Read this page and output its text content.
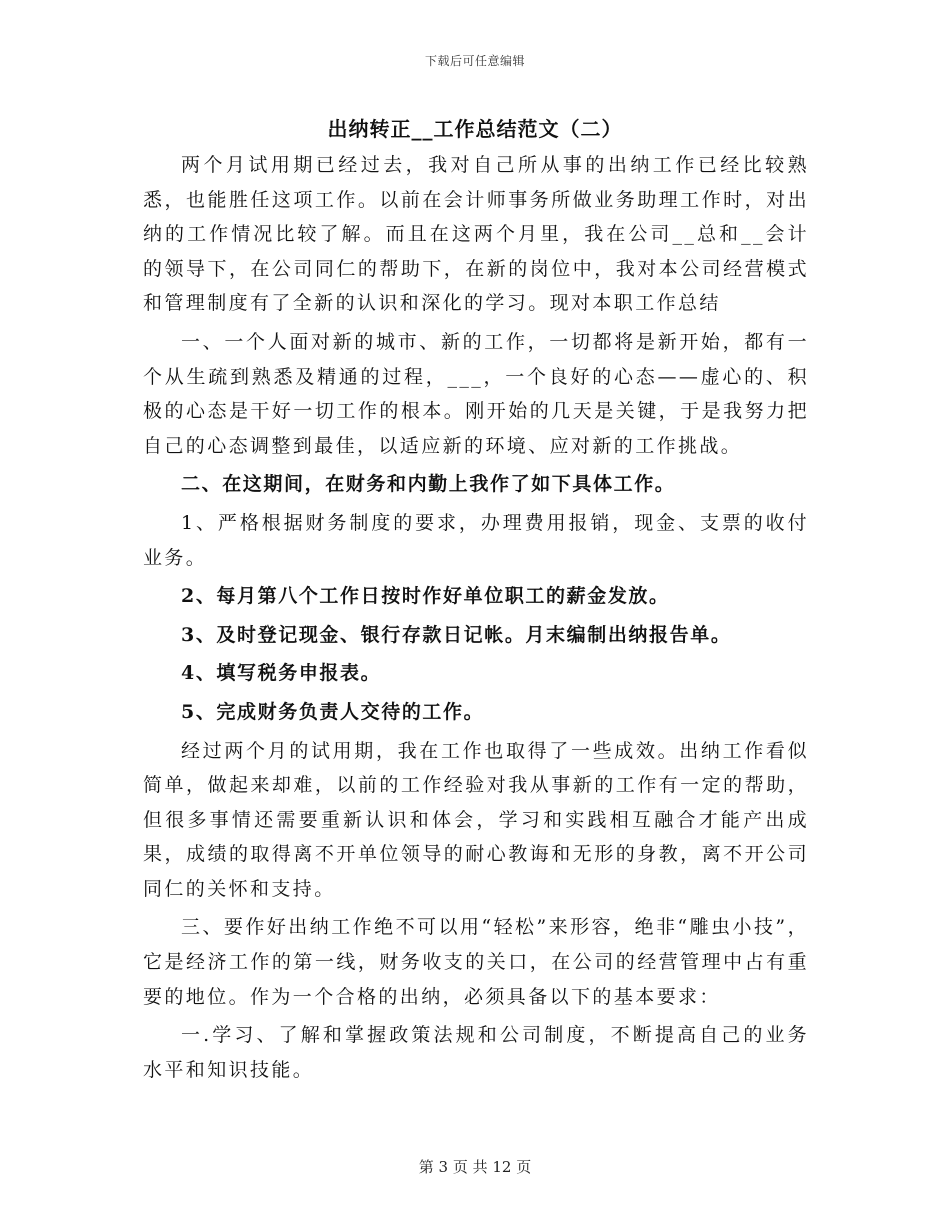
下载后可任意编辑
出纳转正__工作总结范文（二）

两个月试用期已经过去，我对自己所从事的出纳工作已经比较熟悉，也能胜任这项工作。以前在会计师事务所做业务助理工作时，对出纳的工作情况比较了解。而且在这两个月里，我在公司__总和__会计的领导下，在公司同仁的帮助下，在新的岗位中，我对本公司经营模式和管理制度有了全新的认识和深化的学习。现对本职工作总结

一、一个人面对新的城市、新的工作，一切都将是新开始，都有一个从生疏到熟悉及精通的过程，___，一个良好的心态——虚心的、积极的心态是干好一切工作的根本。刚开始的几天是关键，于是我努力把自己的心态调整到最佳，以适应新的环境、应对新的工作挑战。

二、在这期间，在财务和内勤上我作了如下具体工作。

1、严格根据财务制度的要求，办理费用报销，现金、支票的收付业务。

2、每月第八个工作日按时作好单位职工的薪金发放。

3、及时登记现金、银行存款日记帐。月末编制出纳报告单。

4、填写税务申报表。

5、完成财务负责人交待的工作。

经过两个月的试用期，我在工作也取得了一些成效。出纳工作看似简单，做起来却难，以前的工作经验对我从事新的工作有一定的帮助，但很多事情还需要重新认识和体会，学习和实践相互融合才能产出成果，成绩的取得离不开单位领导的耐心教诲和无形的身教，离不开公司同仁的关怀和支持。

三、要作好出纳工作绝不可以用“轻松”来形容，绝非“雕虫小技”，它是经济工作的第一线，财务收支的关口，在公司的经营管理中占有重要的地位。作为一个合格的出纳，必须具备以下的基本要求：

一.学习、了解和掌握政策法规和公司制度，不断提高自己的业务水平和知识技能。

第 3 页 共 12 页
